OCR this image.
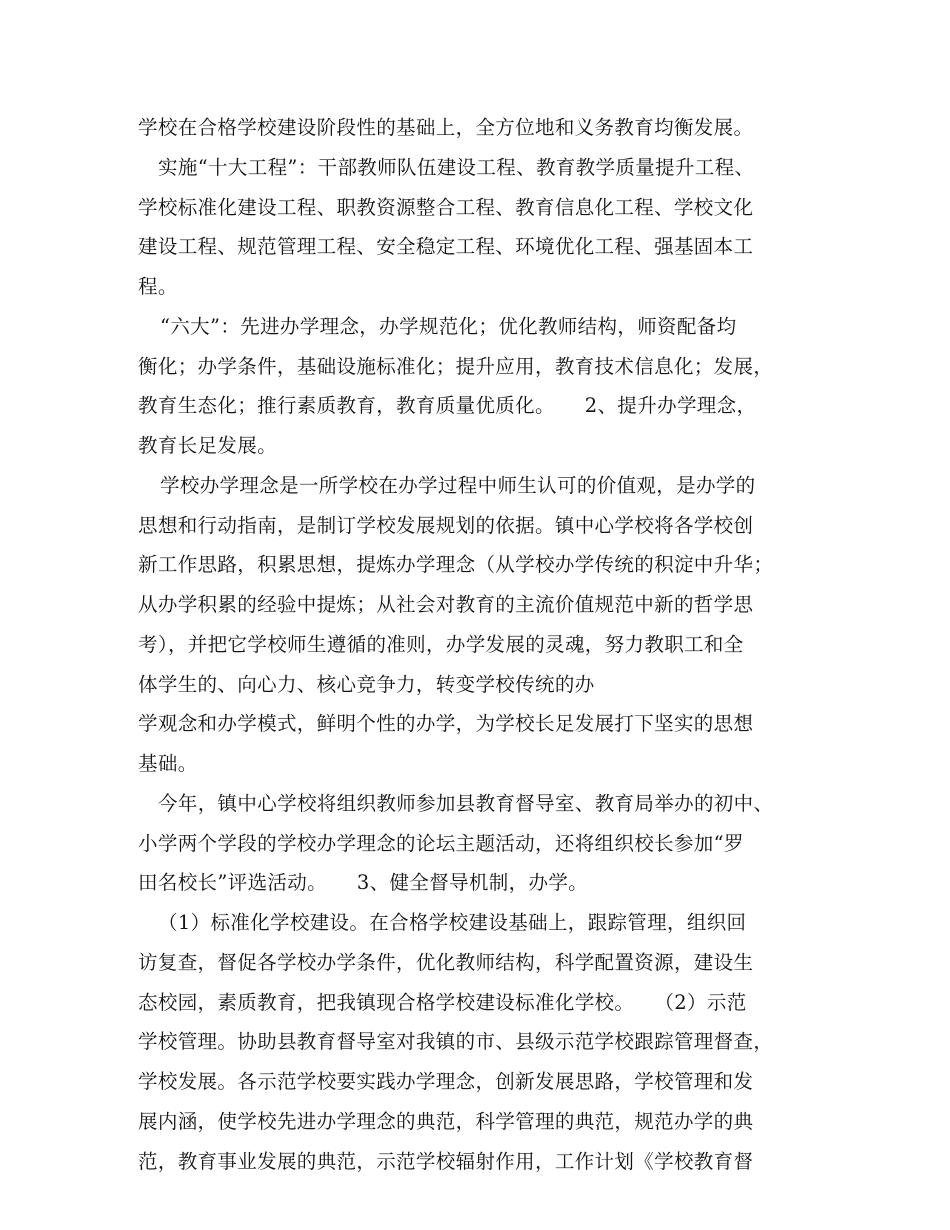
学校在合格学校建设阶段性的基础上，全方位地和义务教育均衡发展。
实施“十大工程”：干部教师队伍建设工程、教育教学质量提升工程、
学校标准化建设工程、职教资源整合工程、教育信息化工程、学校文化
建设工程、规范管理工程、安全稳定工程、环境优化工程、强基固本工
程。
“六大”：先进办学理念，办学规范化；优化教师结构，师资配备均
衡化；办学条件，基础设施标准化；提升应用，教育技术信息化；发展，
教育生态化；推行素质教育，教育质量优质化。　　2、提升办学理念，
教育长足发展。
学校办学理念是一所学校在办学过程中师生认可的价值观，是办学的
思想和行动指南，是制订学校发展规划的依据。镇中心学校将各学校创
新工作思路，积累思想，提炼办学理念（从学校办学传统的积淀中升华；
从办学积累的经验中提炼；从社会对教育的主流价值规范中新的哲学思
考），并把它学校师生遵循的准则，办学发展的灵魂，努力教职工和全
体学生的、向心力、核心竞争力，转变学校传统的办
学观念和办学模式，鲜明个性的办学，为学校长足发展打下坚实的思想
基础。
今年，镇中心学校将组织教师参加县教育督导室、教育局举办的初中、
小学两个学段的学校办学理念的论坛主题活动，还将组织校长参加“罗
田名校长”评选活动。　　3、健全督导机制，办学。
（1）标准化学校建设。在合格学校建设基础上，跟踪管理，组织回
访复查，督促各学校办学条件，优化教师结构，科学配置资源，建设生
态校园，素质教育，把我镇现合格学校建设标准化学校。　　（2）示范
学校管理。协助县教育督导室对我镇的市、县级示范学校跟踪管理督查，
学校发展。各示范学校要实践办学理念，创新发展思路，学校管理和发
展内涵，使学校先进办学理念的典范，科学管理的典范，规范办学的典
范，教育事业发展的典范，示范学校辐射作用，工作计划《学校教育督
